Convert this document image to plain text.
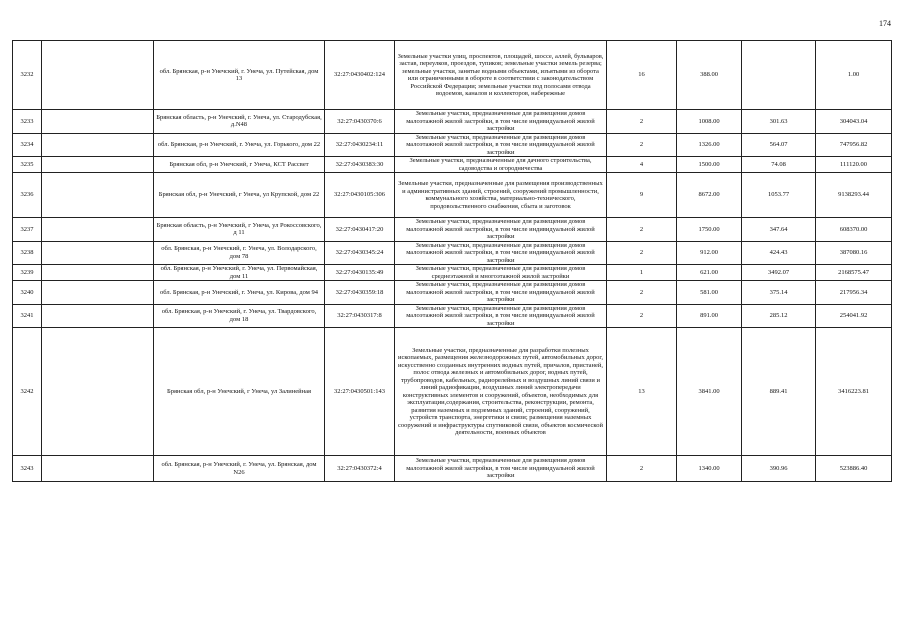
174
3232		обл. Брянская, р-н Унечский, г. Унеча, ул. Путейская, дом 13	32:27:0430402:124	Земельные участки улиц, проспектов, площадей, шоссе, аллей, бульваров, застав, переулков, проездов, тупиков; земельные участки земель резерва; земельные участки, занятые водными объектами, изъятыми из оборота или ограниченными в обороте в соответствии с законодательством Российской Федерации; земельные участки под полосами отвода водоемов, каналов и коллекторов, набережные	16	388.00		1.00
3233		Брянская область, р-н Унечский, г. Унеча, ул. Стародубская, д.N48	32:27:0430370:6	Земельные участки, предназначенные для размещения домов малоэтажной жилой застройки, в том числе индивидуальной жилой застройки	2	1008.00	301.63	304043.04
3234		обл. Брянская, р-н Унечский, г. Унеча, ул. Горького, дом 22	32:27:0430234:11	Земельные участки, предназначенные для размещения домов малоэтажной жилой застройки, в том числе индивидуальной жилой застройки	2	1326.00	564.07	747956.82
3235		Брянская обл, р-н Унечский, г Унеча, КСТ Рассвет	32:27:0430383:30	Земельные участки, предназначенные для дачного строительства, садоводства и огородничества	4	1500.00	74.08	111120.00
3236		Брянская обл, р-н Унечский, г Унеча, ул Крупской, дом 22	32:27:0430105:306	Земельные участки, предназначенные для размещения производственных и административных зданий, строений, сооружений промышленности, коммунального хозяйства, материально-технического, продовольственного снабжения, сбыта и заготовок	9	8672.00	1053.77	9138293.44
3237		Брянская область, р-н Унечский, г Унеча, ул Рокоссовского, д 11	32:27:0430417:20	Земельные участки, предназначенные для размещения домов малоэтажной жилой застройки, в том числе индивидуальной жилой застройки	2	1750.00	347.64	608370.00
3238		обл. Брянская, р-н Унечский, г. Унеча, ул. Володарского, дом 78	32:27:0430345:24	Земельные участки, предназначенные для размещения домов малоэтажной жилой застройки, в том числе индивидуальной жилой застройки	2	912.00	424.43	387080.16
3239		обл. Брянская, р-н Унечский, г. Унеча, ул. Первомайская, дом 11	32:27:0430135:49	Земельные участки, предназначенные для размещения домов среднеэтажной и многоэтажной жилой застройки	1	621.00	3492.07	2168575.47
3240		обл. Брянская, р-н Унечский, г. Унеча, ул. Кирова, дом 94	32:27:0430359:18	Земельные участки, предназначенные для размещения домов малоэтажной жилой застройки, в том числе индивидуальной жилой застройки	2	581.00	375.14	217956.34
3241		обл. Брянская, р-н Унечский, г. Унеча, ул. Твардовского, дом 18	32:27:0430317:8	Земельные участки, предназначенные для размещения домов малоэтажной жилой застройки, в том числе индивидуальной жилой застройки	2	891.00	285.12	254041.92
3242		Брянская обл, р-н Унечский, г Унеча, ул Залинейная	32:27:0430501:143	Земельные участки, предназначенные для разработки полезных ископаемых, размещения железнодорожных путей, автомобильных дорог, искусственно созданных внутренних водных путей, причалов, пристаней, полос отвода железных и автомобильных дорог, водных путей, трубопроводов, кабельных, радиорелейных и воздушных линий связи и линий радиофикации, воздушных линий электропередачи конструктивных элементов и сооружений, объектов, необходимых для эксплуатации,содержания, строительства, реконструкции, ремонта, развития наземных и подземных зданий, строений, сооружений, устройств транспорта, энергетики и связи; размещения наземных сооружений и инфраструктуры спутниковой связи, объектов космической деятельности, военных объектов	13	3841.00	889.41	3416223.81
3243		обл. Брянская, р-н Унечский, г. Унеча, ул. Брянская, дом N26	32:27:0430372:4	Земельные участки, предназначенные для размещения домов малоэтажной жилой застройки, в том числе индивидуальной жилой застройки	2	1340.00	390.96	523886.40
